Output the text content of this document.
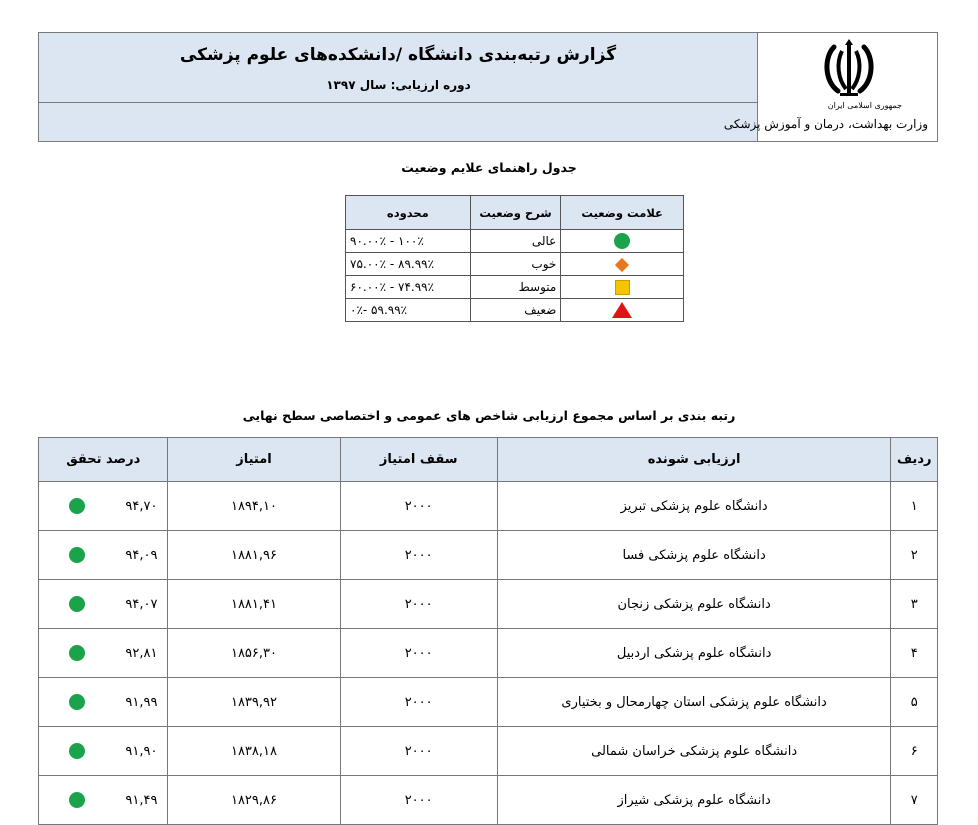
گزارش رتبه‌بندی دانشگاه /دانشکده‌های علوم پزشکی
دوره ارزیابی: سال ۱۳۹۷
جمهوری اسلامی ایران
وزارت بهداشت، درمان و آموزش پزشکی
جدول راهنمای علایم وضعیت
علامت وضعیت	شرح وضعیت	محدوده
	عالی	۱۰۰٪ - ۹۰.۰۰٪
	خوب	۸۹.۹۹٪ - ۷۵.۰۰٪
	متوسط	۷۴.۹۹٪ - ۶۰.۰۰٪
	ضعیف	۵۹.۹۹٪ -۰٪
رتبه بندی بر اساس مجموع ارزیابی شاخص های عمومی و اختصاصی سطح نهایی
ردیف	ارزیابی شونده	سقف امتیاز	امتیاز	درصد تحقق
۱	دانشگاه علوم پزشکی تبریز	۲۰۰۰	۱۸۹۴,۱۰	۹۴,۷۰

۲	دانشگاه علوم پزشکی فسا	۲۰۰۰	۱۸۸۱,۹۶	۹۴,۰۹

۳	دانشگاه علوم پزشکی زنجان	۲۰۰۰	۱۸۸۱,۴۱	۹۴,۰۷

۴	دانشگاه علوم پزشکی اردبیل	۲۰۰۰	۱۸۵۶,۳۰	۹۲,۸۱

۵	دانشگاه علوم پزشکی استان چهارمحال و بختیاری	۲۰۰۰	۱۸۳۹,۹۲	۹۱,۹۹

۶	دانشگاه علوم پزشکی خراسان شمالی	۲۰۰۰	۱۸۳۸,۱۸	۹۱,۹۰

۷	دانشگاه علوم پزشکی شیراز	۲۰۰۰	۱۸۲۹,۸۶	۹۱,۴۹
